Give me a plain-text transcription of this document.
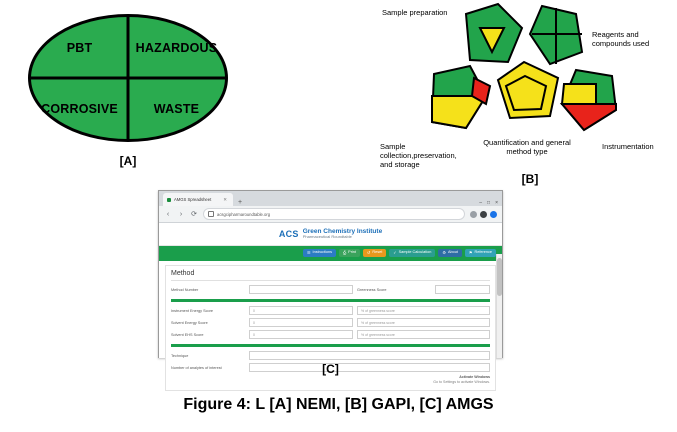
PBT	HAZARDOUS
CORROSIVE	WASTE
[A]
Sample preparation
Reagents and compounds used
Instrumentation
Quantification and general method type
Sample collection,preservation, and storage
[B]
AMGS Spreadsheet	✕	+	– □ ×
‹	›	⟳	acsgcipharmaroundtable.org
ACS Green Chemistry Institute
Pharmaceutical Roundtable
☰ Instructions	⎙ Print	↺ Reset	✓ Sample Calculation	⚙ About	⚑ Reference
Method
Method Number	Greenness Score
Instrument Energy Score	0	% of greenness score
Solvent Energy Score	0	% of greenness score
Solvent EHS Score	0	% of greenness score
Technique
Number of analytes of interest
Activate Windows
Go to Settings to activate Windows.
[C]
Figure 4: L [A] NEMI, [B] GAPI, [C] AMGS
